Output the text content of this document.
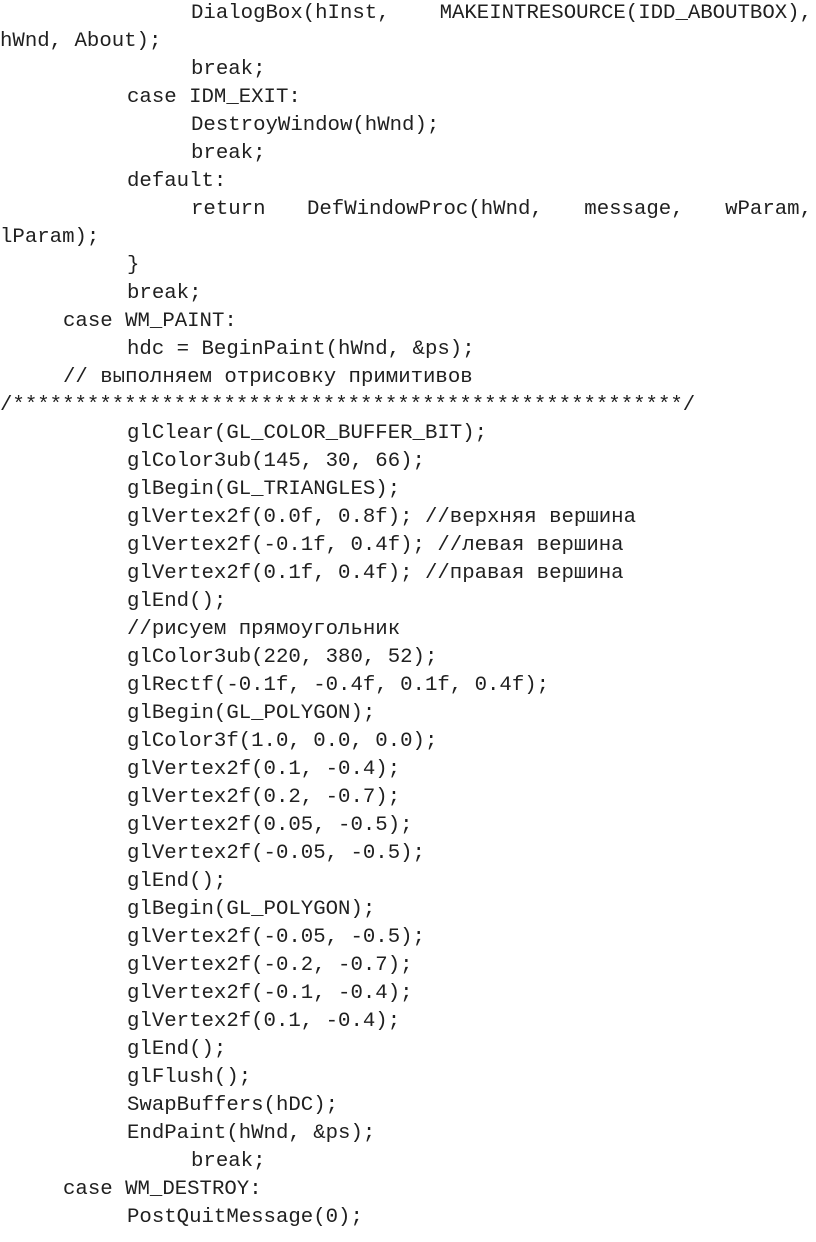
DialogBox(hInst, MAKEINTRESOURCE(IDD_ABOUTBOX),
hWnd, About);
break;
case IDM_EXIT:
DestroyWindow(hWnd);
break;
default:
return DefWindowProc(hWnd, message, wParam,
lParam);
}
break;
case WM_PAINT:
hdc = BeginPaint(hWnd, &ps);
// выполняем отрисовку примитивов
/******************************************************/
glClear(GL_COLOR_BUFFER_BIT);
glColor3ub(145, 30, 66);
glBegin(GL_TRIANGLES);
glVertex2f(0.0f, 0.8f); //верхняя вершина
glVertex2f(-0.1f, 0.4f); //левая вершина
glVertex2f(0.1f, 0.4f); //правая вершина
glEnd();
//рисуем прямоугольник
glColor3ub(220, 380, 52);
glRectf(-0.1f, -0.4f, 0.1f, 0.4f);
glBegin(GL_POLYGON);
glColor3f(1.0, 0.0, 0.0);
glVertex2f(0.1, -0.4);
glVertex2f(0.2, -0.7);
glVertex2f(0.05, -0.5);
glVertex2f(-0.05, -0.5);
glEnd();
glBegin(GL_POLYGON);
glVertex2f(-0.05, -0.5);
glVertex2f(-0.2, -0.7);
glVertex2f(-0.1, -0.4);
glVertex2f(0.1, -0.4);
glEnd();
glFlush();
SwapBuffers(hDC);
EndPaint(hWnd, &ps);
break;
case WM_DESTROY:
PostQuitMessage(0);
